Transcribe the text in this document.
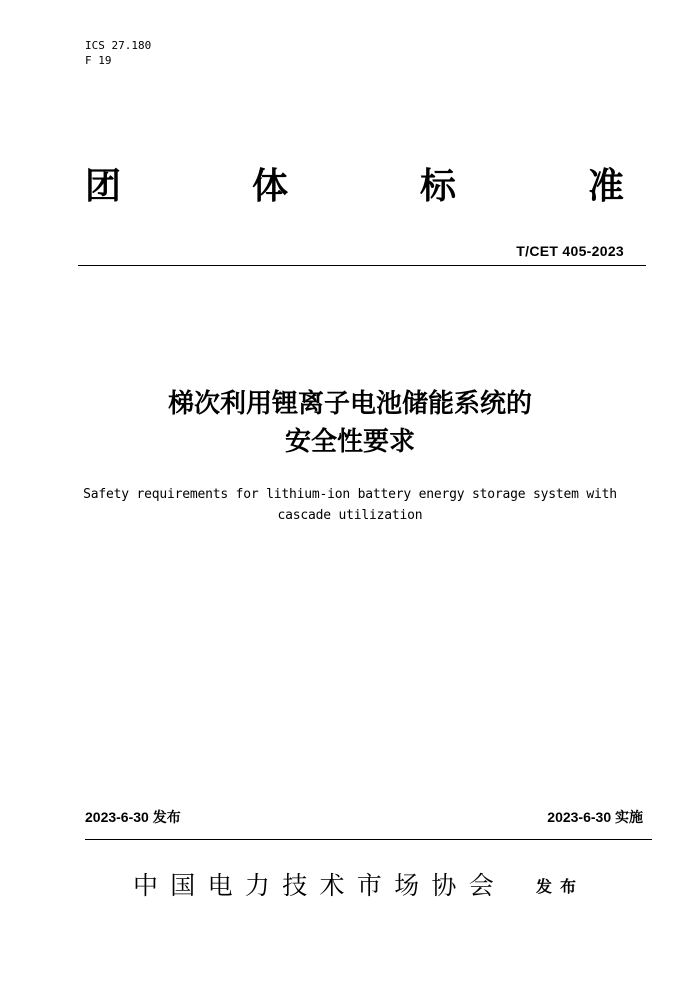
ICS 27.180
F 19
团	体	标	准
T/CET 405-2023
梯次利用锂离子电池储能系统的
安全性要求
Safety requirements for lithium-ion battery energy storage system with
cascade utilization
2023-6-30 发布	2023-6-30 实施
中国电力技术市场协会 发布
